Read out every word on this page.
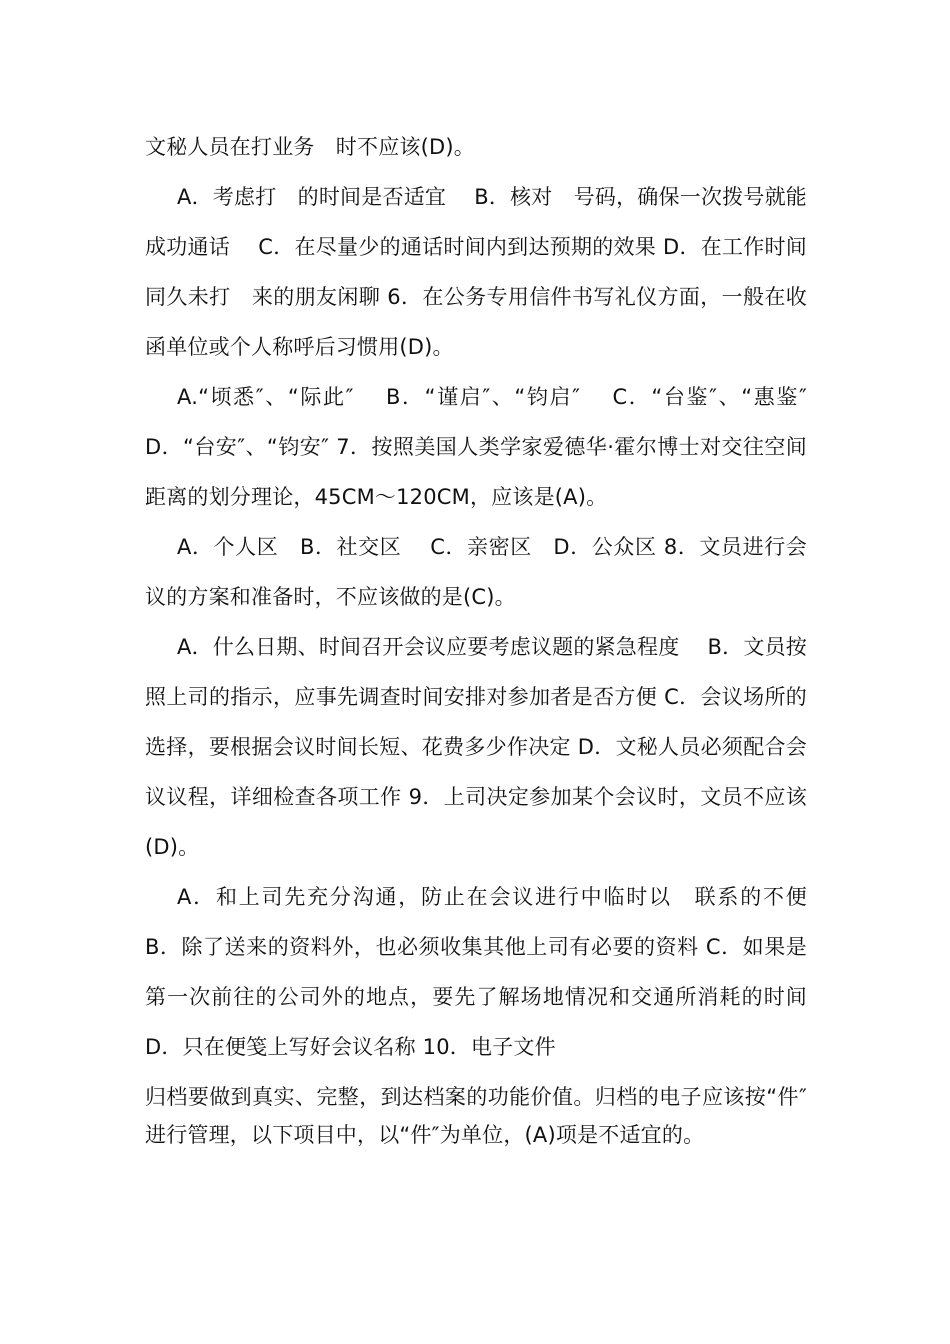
文秘人员在打业务　时不应该(D)。

A．考虑打　的时间是否适宜　 B．核对　号码，确保一次拨号就能成功通话　 C．在尽量少的通话时间内到达预期的效果 D．在工作时间同久未打　来的朋友闲聊 6．在公务专用信件书写礼仪方面，一般在收函单位或个人称呼后习惯用(D)。

A.“顷悉″、“际此″　 B．“谨启″、“钧启″　 C．“台鉴″、“惠鉴″　 D．“台安″、“钧安″ 7．按照美国人类学家爱德华·霍尔博士对交往空间距离的划分理论，45CM～120CM，应该是(A)。

A．个人区　B．社交区　 C．亲密区　D．公众区 8．文员进行会议的方案和准备时，不应该做的是(C)。

A．什么日期、时间召开会议应要考虑议题的紧急程度　 B．文员按照上司的指示，应事先调查时间安排对参加者是否方便 C．会议场所的选择，要根据会议时间长短、花费多少作决定 D．文秘人员必须配合会议议程，详细检查各项工作 9．上司决定参加某个会议时，文员不应该(D)。

A．和上司先充分沟通，防止在会议进行中临时以　联系的不便　 B．除了送来的资料外，也必须收集其他上司有必要的资料 C．如果是第一次前往的公司外的地点，要先了解场地情况和交通所消耗的时间　 D．只在便笺上写好会议名称 10．电子文件

归档要做到真实、完整，到达档案的功能价值。归档的电子应该按“件″进行管理，以下项目中，以“件″为单位，(A)项是不适宜的。
